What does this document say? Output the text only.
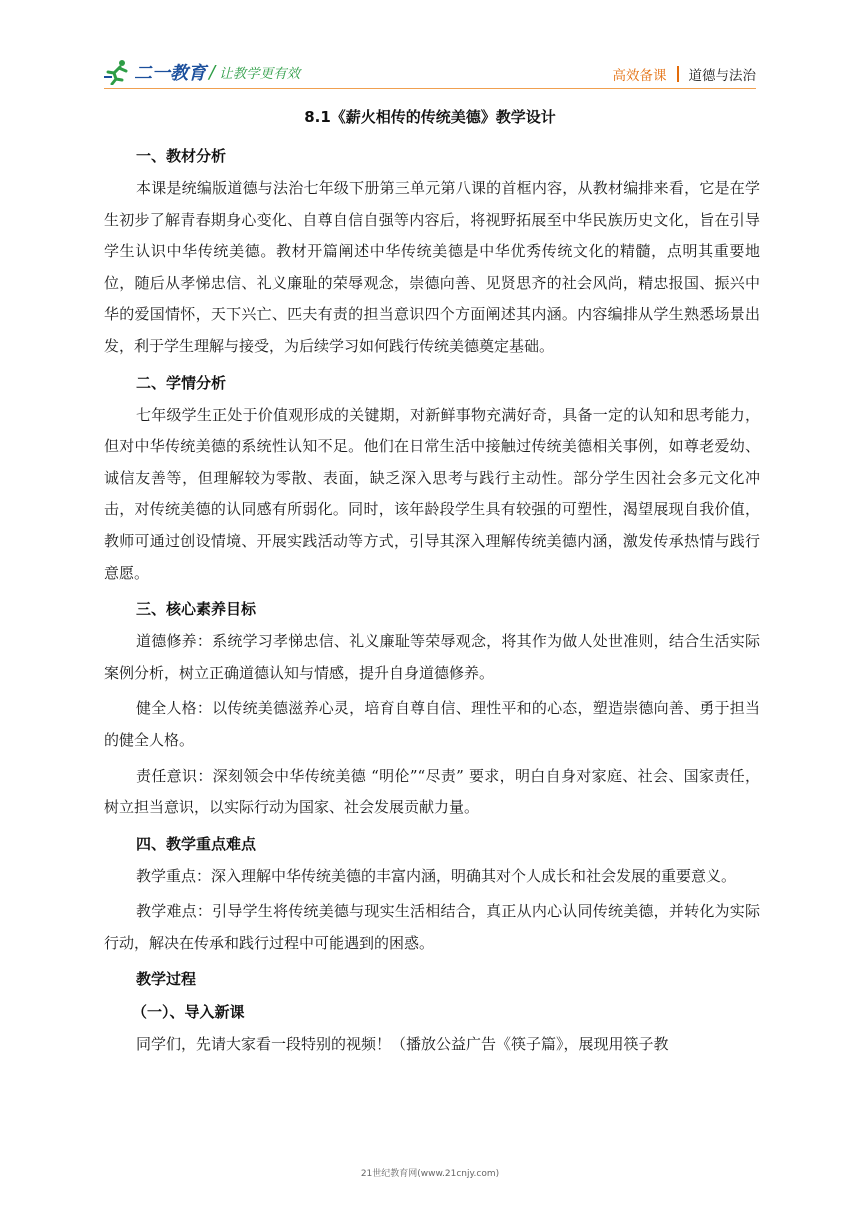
二一教育 / 让教学更有效	高效备课 道德与法治
8.1《薪火相传的传统美德》教学设计

一、教材分析

本课是统编版道德与法治七年级下册第三单元第八课的首框内容，从教材编排来看，它是在学生初步了解青春期身心变化、自尊自信自强等内容后，将视野拓展至中华民族历史文化，旨在引导学生认识中华传统美德。教材开篇阐述中华传统美德是中华优秀传统文化的精髓，点明其重要地位，随后从孝悌忠信、礼义廉耻的荣辱观念，崇德向善、见贤思齐的社会风尚，精忠报国、振兴中华的爱国情怀，天下兴亡、匹夫有责的担当意识四个方面阐述其内涵。内容编排从学生熟悉场景出发，利于学生理解与接受，为后续学习如何践行传统美德奠定基础。

二、学情分析

七年级学生正处于价值观形成的关键期，对新鲜事物充满好奇，具备一定的认知和思考能力，但对中华传统美德的系统性认知不足。他们在日常生活中接触过传统美德相关事例，如尊老爱幼、诚信友善等，但理解较为零散、表面，缺乏深入思考与践行主动性。部分学生因社会多元文化冲击，对传统美德的认同感有所弱化。同时，该年龄段学生具有较强的可塑性，渴望展现自我价值，教师可通过创设情境、开展实践活动等方式，引导其深入理解传统美德内涵，激发传承热情与践行意愿。

三、核心素养目标

道德修养：系统学习孝悌忠信、礼义廉耻等荣辱观念，将其作为做人处世准则，结合生活实际案例分析，树立正确道德认知与情感，提升自身道德修养。

健全人格：以传统美德滋养心灵，培育自尊自信、理性平和的心态，塑造崇德向善、勇于担当的健全人格。

责任意识：深刻领会中华传统美德 “明伦”“尽责” 要求，明白自身对家庭、社会、国家责任，树立担当意识，以实际行动为国家、社会发展贡献力量。

四、教学重点难点

教学重点：深入理解中华传统美德的丰富内涵，明确其对个人成长和社会发展的重要意义。

教学难点：引导学生将传统美德与现实生活相结合，真正从内心认同传统美德，并转化为实际行动，解决在传承和践行过程中可能遇到的困惑。

教学过程

（一）、导入新课

同学们，先请大家看一段特别的视频！（播放公益广告《筷子篇》，展现用筷子教

21世纪教育网(www.21cnjy.com)
